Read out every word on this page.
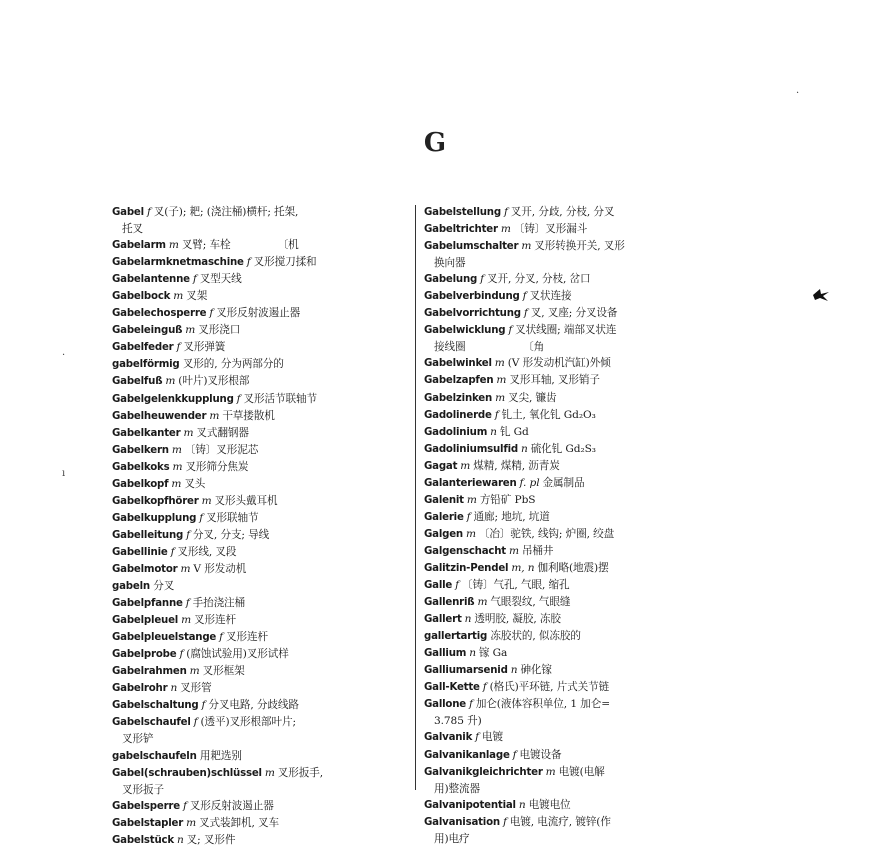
G
Gabel f 叉(子); 耙; (浇注桶)横杆; 托架,
托叉
Gabelarm m 叉臂; 车栓　　　　　〔机
Gabelarmknetmaschine f 叉形搅刀揉和
Gabelantenne f 叉型天线
Gabelbock m 叉架
Gabelechosperre f 叉形反射波遏止器
Gabeleinguß m 叉形浇口
Gabelfeder f 叉形弹簧
gabelförmig 叉形的, 分为两部分的
Gabelfuß m (叶片)叉形根部
Gabelgelenkkupplung f 叉形活节联轴节
Gabelheuwender m 干草搂散机
Gabelkanter m 叉式翻钢器
Gabelkern m 〔铸〕叉形泥芯
Gabelkoks m 叉形筛分焦炭
Gabelkopf m 叉头
Gabelkopfhörer m 叉形头戴耳机
Gabelkupplung f 叉形联轴节
Gabelleitung f 分叉, 分支; 导线
Gabellinie f 叉形线, 叉段
Gabelmotor m V 形发动机
gabeln 分叉
Gabelpfanne f 手抬浇注桶
Gabelpleuel m 叉形连杆
Gabelpleuelstange f 叉形连杆
Gabelprobe f (腐蚀试验用)叉形试样
Gabelrahmen m 叉形框架
Gabelrohr n 叉形管
Gabelschaltung f 分叉电路, 分歧线路
Gabelschaufel f (透平)叉形根部叶片;
叉形铲
gabelschaufeln 用耙选别
Gabel(schrauben)schlüssel m 叉形扳手,
叉形扳子
Gabelsperre f 叉形反射波遏止器
Gabelstapler m 叉式装卸机, 叉车
Gabelstück n 叉; 叉形件
Gabelstellung f 叉开, 分歧, 分枝, 分叉
Gabeltrichter m 〔铸〕叉形漏斗
Gabelumschalter m 叉形转换开关, 叉形
换向器
Gabelung f 叉开, 分叉, 分枝, 岔口
Gabelverbindung f 叉状连接
Gabelvorrichtung f 叉, 叉座; 分叉设备
Gabelwicklung f 叉状线圈; 端部叉状连
接线圈　　　　　　〔角
Gabelwinkel m (V 形发动机汽缸)外倾
Gabelzapfen m 叉形耳轴, 叉形销子
Gabelzinken m 叉尖, 镰齿
Gadolinerde f 钆土, 氧化钆 Gd₂O₃
Gadolinium n 钆 Gd
Gadoliniumsulfid n 硫化钆 Gd₂S₃
Gagat m 煤精, 煤精, 沥青炭
Galanteriewaren f. pl 金属制品
Galenit m 方铅矿 PbS
Galerie f 通廊; 地坑, 坑道
Galgen m 〔冶〕驼铁, 线钩; 炉圈, 绞盘
Galgenschacht m 吊桶井
Galitzin-Pendel m, n 伽利略(地震)摆
Galle f 〔铸〕气孔, 气眼, 缩孔
Gallenriß m 气眼裂纹, 气眼缝
Gallert n 透明胶, 凝胶, 冻胶
gallertartig 冻胶状的, 似冻胶的
Gallium n 镓 Ga
Galliumarsenid n 砷化镓
Gall-Kette f (格氏)平环链, 片式关节链
Gallone f 加仑(液体容积单位, 1 加仑=
3.785 升)
Galvanik f 电镀
Galvanikanlage f 电镀设备
Galvanikgleichrichter m 电镀(电解
用)整流器
Galvanipotential n 电镀电位
Galvanisation f 电镀, 电流疗, 镀锌(作
用)电疗
·
ı
·
